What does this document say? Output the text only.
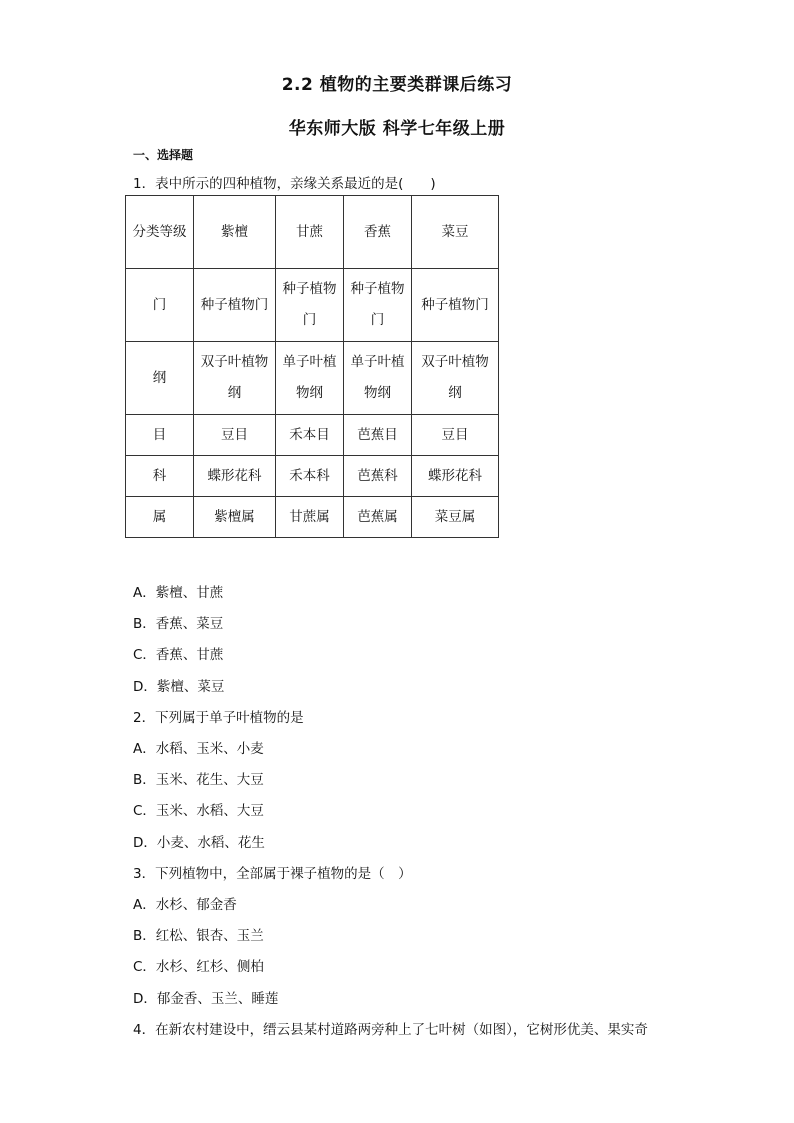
2.2 植物的主要类群课后练习
华东师大版 科学七年级上册
一、选择题
1．表中所示的四种植物，亲缘关系最近的是(　　)
分类等级	紫檀	甘蔗	香蕉	菜豆
门	种子植物门	种子植物门	种子植物门	种子植物门
纲	双子叶植物纲	单子叶植物纲	单子叶植物纲	双子叶植物纲
目	豆目	禾本目	芭蕉目	豆目
科	蝶形花科	禾本科	芭蕉科	蝶形花科
属	紫檀属	甘蔗属	芭蕉属	菜豆属
A．紫檀、甘蔗
B．香蕉、菜豆
C．香蕉、甘蔗
D．紫檀、菜豆
2．下列属于单子叶植物的是
A．水稻、玉米、小麦
B．玉米、花生、大豆
C．玉米、水稻、大豆
D．小麦、水稻、花生
3．下列植物中，全部属于裸子植物的是（　）
A．水杉、郁金香
B．红松、银杏、玉兰
C．水杉、红杉、侧柏
D．郁金香、玉兰、睡莲
4．在新农村建设中，缙云县某村道路两旁种上了七叶树（如图），它树形优美、果实奇
